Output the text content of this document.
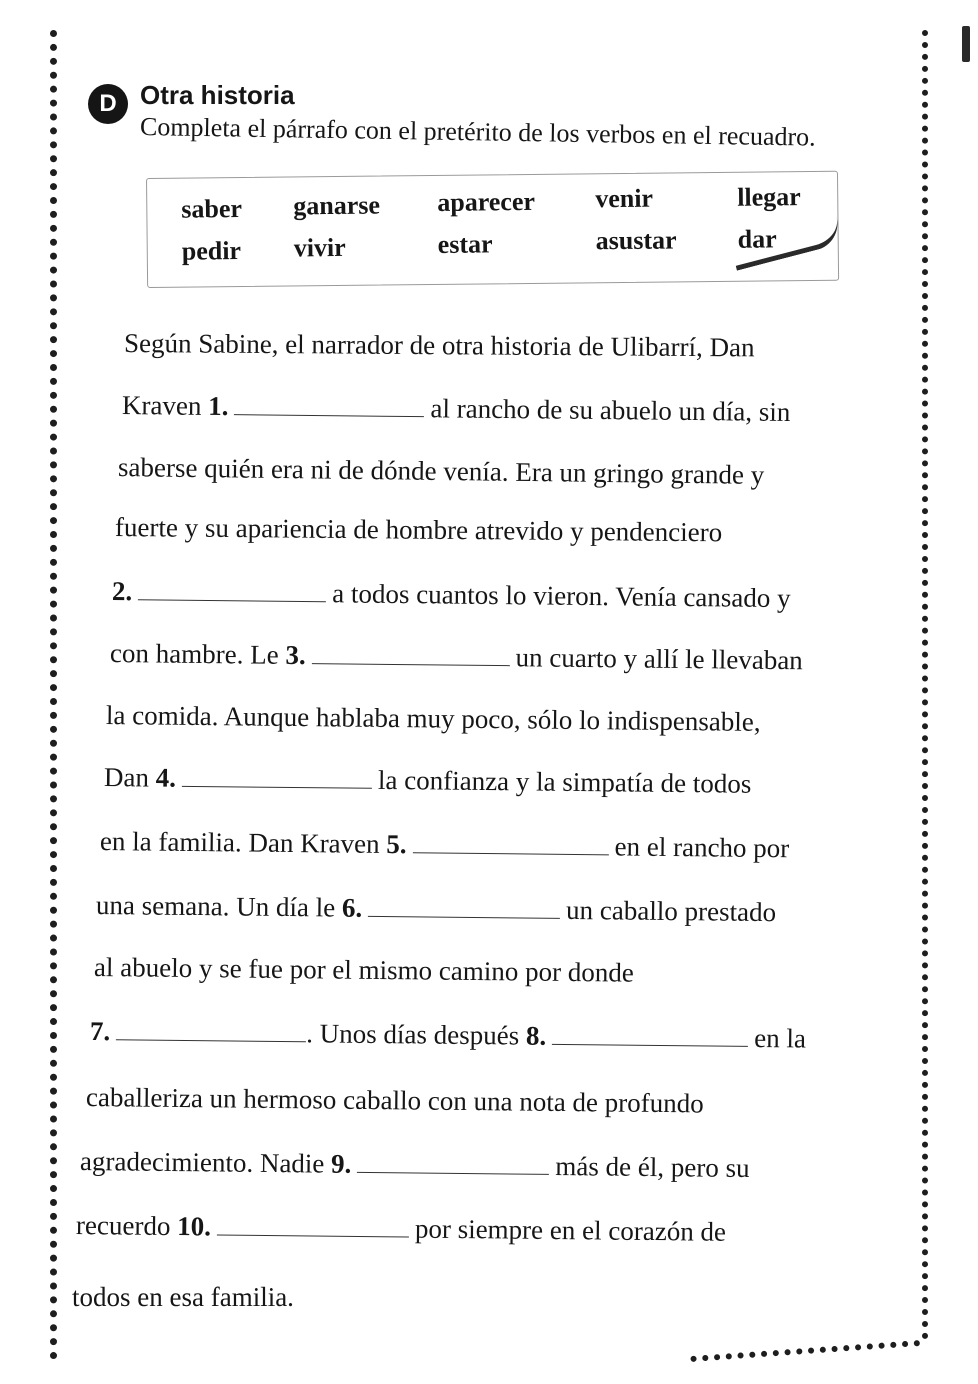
D Otra historia
Completa el párrafo con el pretérito de los verbos en el recuadro.
saber ganarse aparecer venir	llegar
pedir vivir	estar	asustar dar
Según Sabine, el narrador de otra historia de Ulibarrí, Dan
Kraven 1.	al rancho de su abuelo un día, sin
saberse quién era ni de dónde venía. Era un gringo grande y
fuerte y su apariencia de hombre atrevido y pendenciero
2.	a todos cuantos lo vieron. Venía cansado y
con hambre. Le 3.	un cuarto y allí le llevaban
la comida. Aunque hablaba muy poco, sólo lo indispensable,
Dan 4.	la confianza y la simpatía de todos
en la familia. Dan Kraven 5.	en el rancho por
una semana. Un día le 6.	un caballo prestado
al abuelo y se fue por el mismo camino por donde
7.	. Unos días después 8.	en la
caballeriza un hermoso caballo con una nota de profundo
agradecimiento. Nadie 9.	más de él, pero su
recuerdo 10.	por siempre en el corazón de
todos en esa familia.
